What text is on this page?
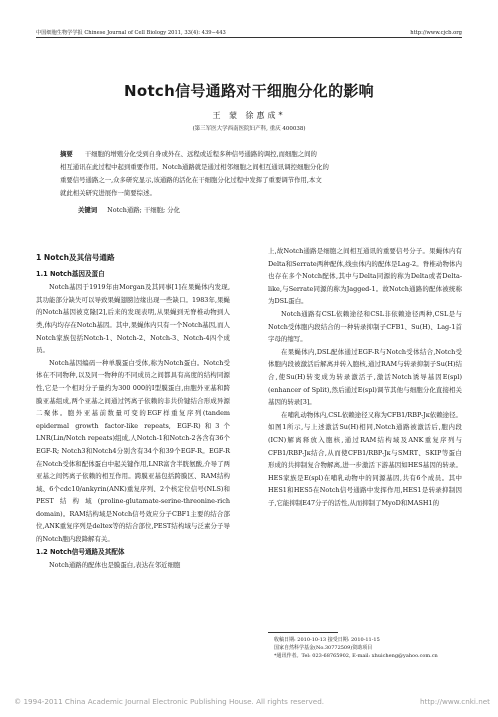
中国细胞生物学学报 Chinese Journal of Cell Biology 2011, 33(4): 439−443	http://www.cjcb.org
Notch信号通路对干细胞分化的影响
王 蒙 徐惠成*
(第三军医大学西南医院妇产科, 重庆 400038)

摘要 干细胞的增殖分化受到自身或外在、远程或近程多种信号通路的调控,而细胞之间的

相互通讯在此过程中起到重要作用。Notch通路就是通过相邻细胞之间相互通讯调控细胞分化的

重要信号通路之一,众多研究显示,该通路的活化在干细胞分化过程中发挥了重要调节作用,本文

就此相关研究进展作一简要综述。

关键词 Notch通路; 干细胞; 分化
1 Notch及其信号通路
1.1 Notch基因及蛋白

Notch基因于1919年由Morgan及其同事[1]在果蝇体内发现,其功能部分缺失可以导致果蝇翅膀边缘出现一些缺口。1983年,果蝇的Notch基因被克隆[2],后来的发现表明,从果蝇到无脊椎动物到人类,体内均存在Notch基因。其中,果蝇体内只有一个Notch基因,而人Notch家族包括Notch-1、Notch-2、Notch-3、Notch-4四个成员。

Notch基因编码一种单膜蛋白受体,称为Notch蛋白。Notch受体在不同物种,以及同一物种的不同成员之间都具有高度的结构同源性,它是一个相对分子量约为300 000的I型膜蛋白,由胞外亚基和跨膜亚基组成,两个亚基之间通过钙离子依赖的非共价键结合形成异源二聚体。胞外亚基前数量可变的EGF样重复序列(tandem epidermal growth factor-like repeats, EGF-R)和3个LNR(Lin/Notch repeats)组成,人Notch-1和Notch-2各含有36个EGF-R; Notch3和Notch4分别含有34个和39个EGF-R。EGF-R在Notch受体和配体蛋白中起关键作用,LNR富含半胱氨酸,介导了两亚基之间钙离子依赖的相互作用。跨膜亚基包括跨膜区、RAM结构域、6个cdc10/ankyrin(ANK)重复序列、2个核定位信号(NLS)和PEST结构域(proline-glutamate-serine-threonine-rich domain)。RAM结构域是Notch信号效应分子CBF1主要的结合部位,ANK重复序列是deltex等的结合部位,PEST结构域与泛素分子导的Notch胞内段降解有关。

1.2 Notch信号通路及其配体

Notch通路的配体也是膜蛋白,表达在邻近细胞

上,故Notch通路是细胞之间相互通讯的重要信号分子。果蝇体内有Delta和Serrate两种配体,线虫体内的配体是Lag-2。脊椎动物体内也存在多个Notch配体,其中与Delta同源的称为Delta或者Delta-like,与Serrate同源的称为Jagged-1。故Notch通路的配体被统称为DSL蛋白。

Notch通路有CSL依赖途径和CSL非依赖途径两种,CSL是与Notch受体胞内段结合的一种转录抑制子CFB1、Su(H)、Lag-1首字母的缩写。

在果蝇体内,DSL配体通过EGF-R与Notch受体结合,Notch受体胞内段被激活后解离并转入胞核,通过RAM与转录抑制子Su(H)结合,使Su(H)转变成为转录激活子,激活Notch诱导基因E(spl)(enhancer of Split),然后通过E(spl)调节其他与细胞分化直接相关基因的转录[3]。

在哺乳动物体内,CSL依赖途径又称为CFB1/RBP-Jк依赖途径。如图1所示,与上述激活Su(H)相同,Notch通路被激活后,胞内段(ICN)解离释放入胞核,通过RAM结构域及ANK重复序列与CFB1/RBP-Jк结合,从而使CFB1/RBP-Jк与SMRT、SKIP等蛋白形成的共抑制复合物解离,进一步激活下游基因如HES基因的转录。HES家族是E(spl)在哺乳动物中的同源基因,共有6个成员。其中HES1和HES5在Notch信号通路中发挥作用,HES1是转录抑制因子,它能抑制E47分子的活性,从而抑制了MyoD和MASH1的

收稿日期: 2010-10-13 接受日期: 2010-11-15
国家自然科学基金(No.30772509)资助项目
*通讯作者。Tel: 023-68765902, E-mail: xhuicheng@yahoo.com.cn
© 1994-2011 China Academic Journal Electronic Publishing House. All rights reserved.	http://www.cnki.net
